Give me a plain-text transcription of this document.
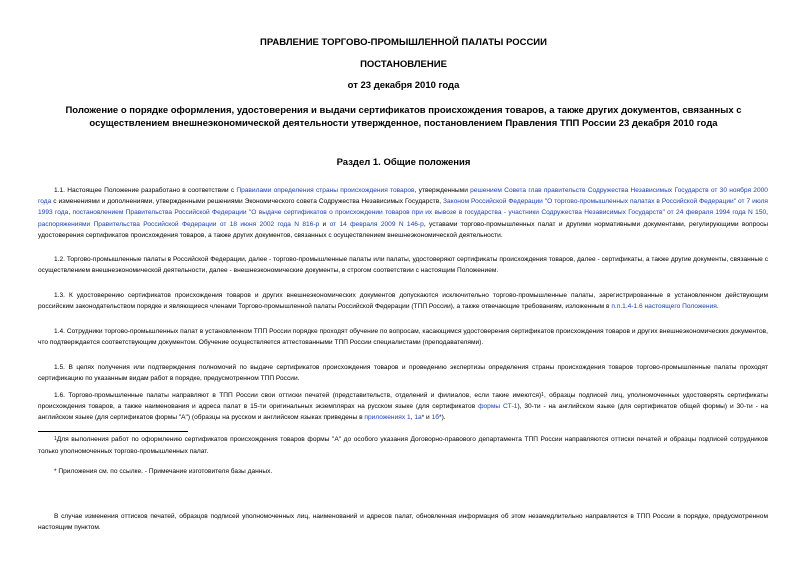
ПРАВЛЕНИЕ ТОРГОВО-ПРОМЫШЛЕННОЙ ПАЛАТЫ РОССИИ
ПОСТАНОВЛЕНИЕ
от 23 декабря 2010 года
Положение о порядке оформления, удостоверения и выдачи сертификатов происхождения товаров, а также других документов, связанных с осуществлением внешнеэкономической деятельности утвержденное, постановлением Правления ТПП России 23 декабря 2010 года
Раздел 1. Общие положения

1.1. Настоящее Положение разработано в соответствии с Правилами определения страны происхождения товаров, утвержденными решением Совета глав правительств Содружества Независимых Государств от 30 ноября 2000 года с изменениями и дополнениями, утвержденными решениями Экономического совета Содружества Независимых Государств, Законом Российской Федерации "О торгово-промышленных палатах в Российской Федерации" от 7 июля 1993 года, постановлением Правительства Российской Федерации "О выдаче сертификатов о происхождении товаров при их вывозе в государства - участники Содружества Независимых Государств" от 24 февраля 1994 года N 150, распоряжениями Правительства Российской Федерации от 18 июня 2002 года N 816-р и от 14 февраля 2009 N 146-р, уставами торгово-промышленных палат и другими нормативными документами, регулирующими вопросы удостоверения сертификатов происхождения товаров, а также других документов, связанных с осуществлением внешнеэкономической деятельности.

1.2. Торгово-промышленные палаты в Российской Федерации, далее - торгово-промышленные палаты или палаты, удостоверяют сертификаты происхождения товаров, далее - сертификаты, а также другие документы, связанные с осуществлением внешнеэкономической деятельности, далее - внешнеэкономические документы, в строгом соответствии с настоящим Положением.

1.3. К удостоверению сертификатов происхождения товаров и других внешнеэкономических документов допускаются исключительно торгово-промышленные палаты, зарегистрированные в установленном действующим российским законодательством порядке и являющиеся членами Торгово-промышленной палаты Российской Федерации (ТПП России), а также отвечающие требованиям, изложенным в п.п.1.4-1.6 настоящего Положения.

1.4. Сотрудники торгово-промышленных палат в установленном ТПП России порядке проходят обучение по вопросам, касающимся удостоверения сертификатов происхождения товаров и других внешнеэкономических документов, что подтверждается соответствующим документом. Обучение осуществляется аттестованными ТПП России специалистами (преподавателями).

1.5. В целях получения или подтверждения полномочий по выдаче сертификатов происхождения товаров и проведению экспертизы определения страны происхождения товаров торгово-промышленные палаты проходят сертификацию по указанным видам работ в порядке, предусмотренном ТПП России.

1.6. Торгово-промышленные палаты направляют в ТПП России свои оттиски печатей (представительств, отделений и филиалов, если такие имеются)$^1$, образцы подписей лиц, уполномоченных удостоверять сертификаты происхождения товаров, а также наименования и адреса палат в 15-ти оригинальных экземплярах на русском языке (для сертификатов формы СТ-1), 30-ти - на английском языке (для сертификатов общей формы) и 30-ти - на английском языке (для сертификатов формы "А") (образцы на русском и английском языках приведены в приложениях 1, 1а* и 1б*).

$^1$Для выполнения работ по оформлению сертификатов происхождения товаров формы "А" до особого указания Договорно-правового департамента ТПП России направляются оттиски печатей и образцы подписей сотрудников только уполномоченных торгово-промышленных палат.

* Приложения см. по ссылке. - Примечание изготовителя базы данных.

В случае изменения оттисков печатей, образцов подписей уполномоченных лиц, наименований и адресов палат, обновленная информация об этом незамедлительно направляется в ТПП России в порядке, предусмотренном настоящим пунктом.
